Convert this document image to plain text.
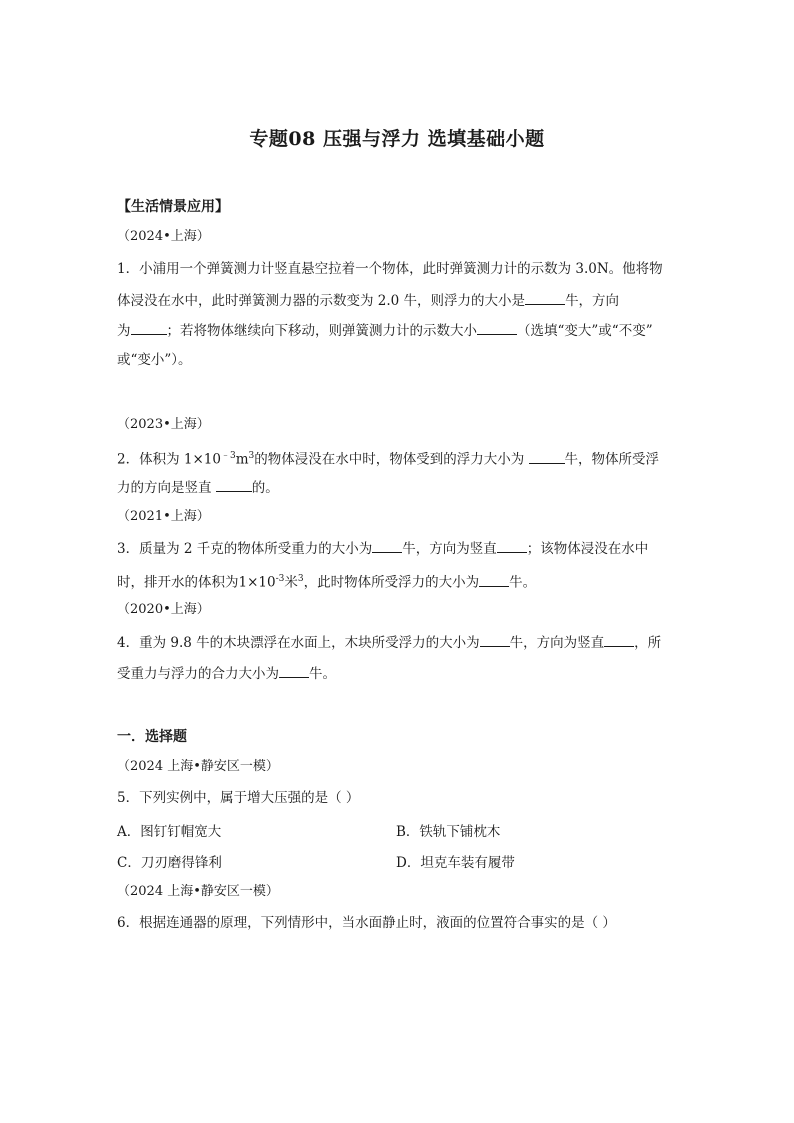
专题08 压强与浮力 选填基础小题
【生活情景应用】
（2024•上海）
1．小浦用一个弹簧测力计竖直悬空拉着一个物体，此时弹簧测力计的示数为 3.0N。他将物
体浸没在水中，此时弹簧测力器的示数变为 2.0 牛，则浮力的大小是	牛，方向
为	；若将物体继续向下移动，则弹簧测力计的示数大小	（选填“变大”或“不变”
或“变小”）。
（2023•上海）
2．体积为 $1\times 10^{﹣3}m^3$的物体浸没在水中时，物体受到的浮力大小为	牛，物体所受浮
力的方向是竖直	的。
（2021•上海）
3．质量为 2 千克的物体所受重力的大小为 牛，方向为竖直 ；该物体浸没在水中
时，排开水的体积为$1\times 10^{-3}$米$^3$，此时物体所受浮力的大小为 牛。
（2020•上海）
4．重为 9.8 牛的木块漂浮在水面上，木块所受浮力的大小为 牛，方向为竖直 ，所
受重力与浮力的合力大小为 牛。
一．选择题
（2024 上海•静安区一模）
5．下列实例中，属于增大压强的是（ ）
A．图钉钉帽宽大	B．铁轨下铺枕木
C．刀刃磨得锋利	D．坦克车装有履带
（2024 上海•静安区一模）
6．根据连通器的原理，下列情形中，当水面静止时，液面的位置符合事实的是（ ）
